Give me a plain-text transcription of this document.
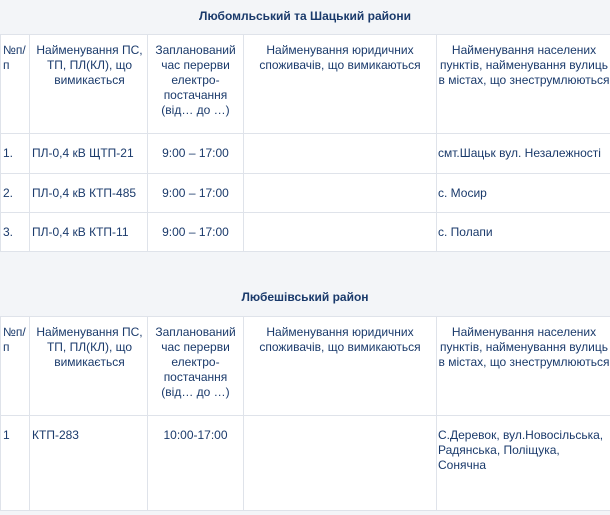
Любомльський та Шацький райони
№п/п	Найменування ПС, ТП, ПЛ(КЛ), що вимикається	Запланований час перерви електро-постачання (від… до …)	Найменування юридичних споживачів, що вимикаються	Найменування населених пунктів, найменування вулиць в містах, що знеструмлюються
1.	ПЛ-0,4 кВ ЩТП-21	9:00 – 17:00		смт.Шацьк вул. Незалежності
2.	ПЛ-0,4 кВ КТП-485	9:00 – 17:00		с. Мосир
3.	ПЛ-0,4 кВ КТП-11	9:00 – 17:00		с. Полапи
Любешівський район
№п/п	Найменування ПС, ТП, ПЛ(КЛ), що вимикається	Запланований час перерви електро-постачання (від… до …)	Найменування юридичних споживачів, що вимикаються	Найменування населених пунктів, найменування вулиць в містах, що знеструмлюються
1	КТП-283	10:00-17:00		С.Деревок, вул.Новосільська, Радянська, Поліщука, Сонячна
